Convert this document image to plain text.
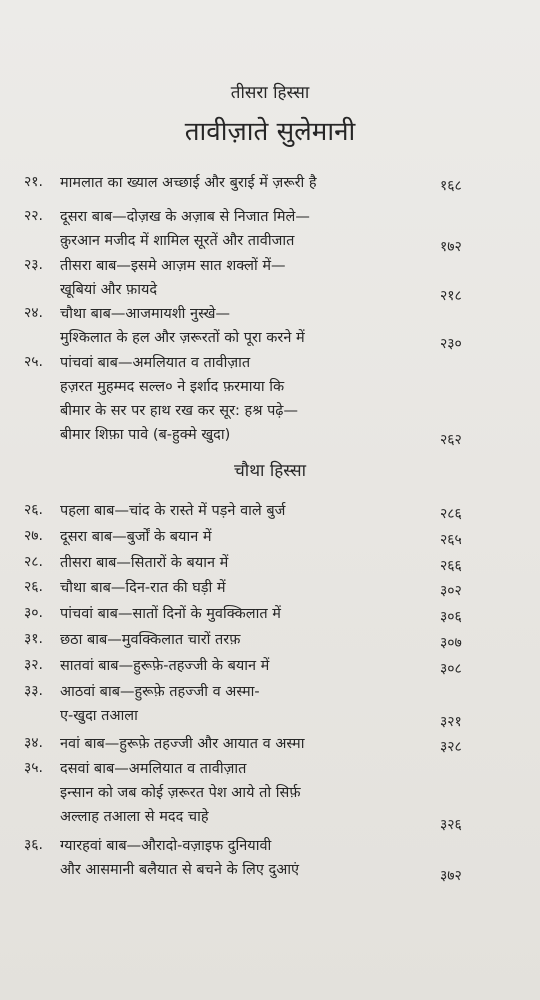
तीसरा हिस्सा
तावीज़ाते सुलेमानी
चौथा हिस्सा
२१. मामलात का ख्याल अच्छाई और बुराई में ज़रूरी है	१६८
२२. दूसरा बाब—दोज़ख के अज़ाब से निजात मिले—
क़ुरआन मजीद में शामिल सूरतें और तावीजात	१७२
२३. तीसरा बाब—इसमे आज़म सात शक्लों में—
खूबियां और फ़ायदे	२१८
२४. चौथा बाब—आजमायशी नुस्खे—
मुश्किलात के हल और ज़रूरतों को पूरा करने में	२३०
२५. पांचवां बाब—अमलियात व तावीज़ात
हज़रत मुहम्मद सल्ल० ने इर्शाद फ़रमाया कि
बीमार के सर पर हाथ रख कर सूर: हश्र पढ़े—
बीमार शिफ़ा पावे (ब-हुक्मे खुदा)	२६२
२६. पहला बाब—चांद के रास्ते में पड़ने वाले बुर्ज	२८६
२७. दूसरा बाब—बुर्जों के बयान में	२६५
२८. तीसरा बाब—सितारों के बयान में	२६६
२६. चौथा बाब—दिन-रात की घड़ी में	३०२
३०. पांचवां बाब—सातों दिनों के मुवक्किलात में	३०६
३१. छठा बाब—मुवक्किलात चारों तरफ़	३०७
३२. सातवां बाब—हुरूफ़े-तहज्जी के बयान में	३०८
३३. आठवां बाब—हुरूफ़े तहज्जी व अस्मा-
ए-खुदा तआला	३२१
३४. नवां बाब—हुरूफ़े तहज्जी और आयात व अस्मा	३२८
३५. दसवां बाब—अमलियात व तावीज़ात
इन्सान को जब कोई ज़रूरत पेश आये तो सिर्फ़
अल्लाह तआला से मदद चाहे	३२६
३६. ग्यारहवां बाब—औरादो-वज़ाइफ दुनियावी
और आसमानी बलैयात से बचने के लिए दुआएं	३७२
